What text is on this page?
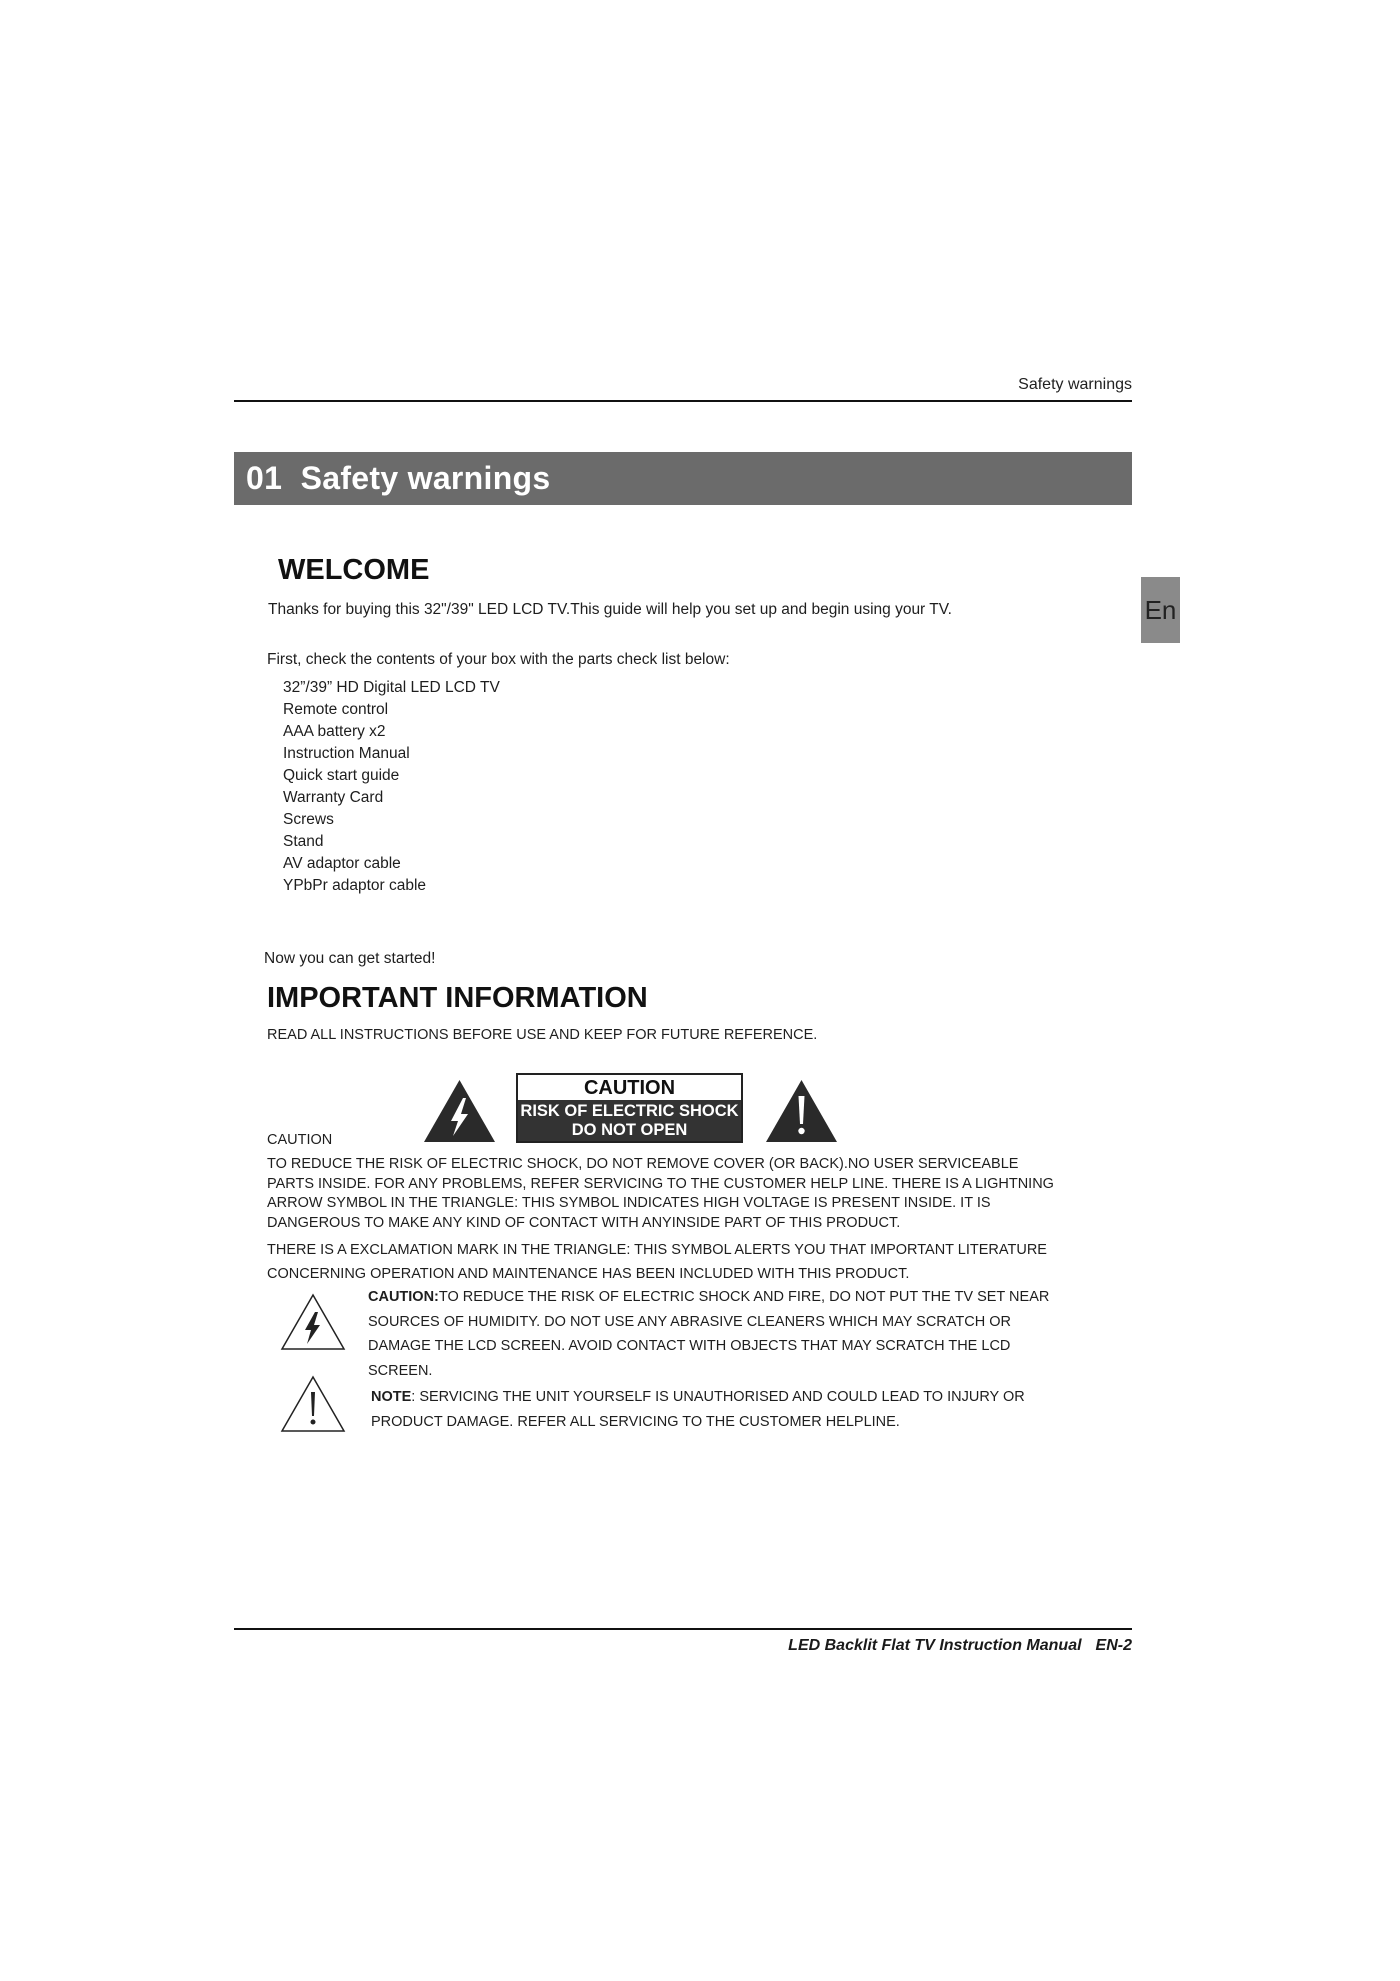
Safety warnings
01 Safety warnings
En
WELCOME
Thanks for buying this 32"/39" LED LCD TV.This guide will help you set up and begin using your TV.
First, check the contents of your box with the parts check list below:
32”/39” HD Digital LED LCD TV
Remote control
AAA battery x2
Instruction Manual
Quick start guide
Warranty Card
Screws
Stand
AV adaptor cable
YPbPr adaptor cable
Now you can get started!
IMPORTANT INFORMATION
READ ALL INSTRUCTIONS BEFORE USE AND KEEP FOR FUTURE REFERENCE.
CAUTION
CAUTION
RISK OF ELECTRIC SHOCK
DO NOT OPEN
TO REDUCE THE RISK OF ELECTRIC SHOCK, DO NOT REMOVE COVER (OR BACK).NO USER SERVICEABLE PARTS INSIDE. FOR ANY PROBLEMS, REFER SERVICING TO THE CUSTOMER HELP LINE. THERE IS A LIGHTNING ARROW SYMBOL IN THE TRIANGLE: THIS SYMBOL INDICATES HIGH VOLTAGE IS PRESENT INSIDE. IT IS DANGEROUS TO MAKE ANY KIND OF CONTACT WITH ANYINSIDE PART OF THIS PRODUCT.
THERE IS A EXCLAMATION MARK IN THE TRIANGLE: THIS SYMBOL ALERTS YOU THAT IMPORTANT LITERATURE CONCERNING OPERATION AND MAINTENANCE HAS BEEN INCLUDED WITH THIS PRODUCT.
CAUTION:TO REDUCE THE RISK OF ELECTRIC SHOCK AND FIRE, DO NOT PUT THE TV SET NEAR SOURCES OF HUMIDITY. DO NOT USE ANY ABRASIVE CLEANERS WHICH MAY SCRATCH OR DAMAGE THE LCD SCREEN. AVOID CONTACT WITH OBJECTS THAT MAY SCRATCH THE LCD SCREEN.
NOTE: SERVICING THE UNIT YOURSELF IS UNAUTHORISED AND COULD LEAD TO INJURY OR PRODUCT DAMAGE. REFER ALL SERVICING TO THE CUSTOMER HELPLINE.
LED Backlit Flat TV Instruction Manual EN-2
